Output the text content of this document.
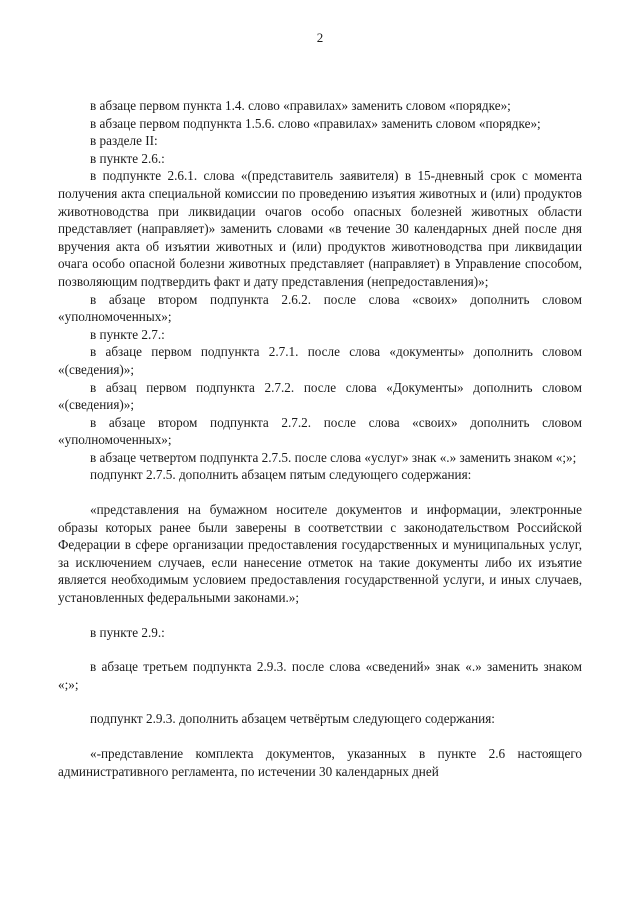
2

в абзаце первом пункта 1.4. слово «правилах» заменить словом «порядке»;

в абзаце первом подпункта 1.5.6. слово «правилах» заменить словом «порядке»;

в разделе II:

в пункте 2.6.:

в подпункте 2.6.1. слова «(представитель заявителя) в 15-дневный срок с момента получения акта специальной комиссии по проведению изъятия животных и (или) продуктов животноводства при ликвидации очагов особо опасных болезней животных области представляет (направляет)» заменить словами «в течение 30 календарных дней после дня вручения акта об изъятии животных и (или) продуктов животноводства при ликвидации очага особо опасной болезни животных представляет (направляет) в Управление способом, позволяющим подтвердить факт и дату представления (непредоставления)»;

в абзаце втором подпункта 2.6.2. после слова «своих» дополнить словом «уполномоченных»;

в пункте 2.7.:

в абзаце первом подпункта 2.7.1. после слова «документы» дополнить словом «(сведения)»;

в абзац первом подпункта 2.7.2. после слова «Документы» дополнить словом «(сведения)»;

в абзаце втором подпункта 2.7.2. после слова «своих» дополнить словом «уполномоченных»;

в абзаце четвертом подпункта 2.7.5. после слова «услуг» знак «.» заменить знаком «;»;

подпункт 2.7.5. дополнить абзацем пятым следующего содержания:

«представления на бумажном носителе документов и информации, электронные образы которых ранее были заверены в соответствии с законодательством Российской Федерации в сфере организации предоставления государственных и муниципальных услуг, за исключением случаев, если нанесение отметок на такие документы либо их изъятие является необходимым условием предоставления государственной услуги, и иных случаев, установленных федеральными законами.»;

в пункте 2.9.:

в абзаце третьем подпункта 2.9.3. после слова «сведений» знак «.» заменить знаком «;»;

подпункт 2.9.3. дополнить абзацем четвёртым следующего содержания:

«-представление комплекта документов, указанных в пункте 2.6 настоящего административного регламента, по истечении 30 календарных дней
